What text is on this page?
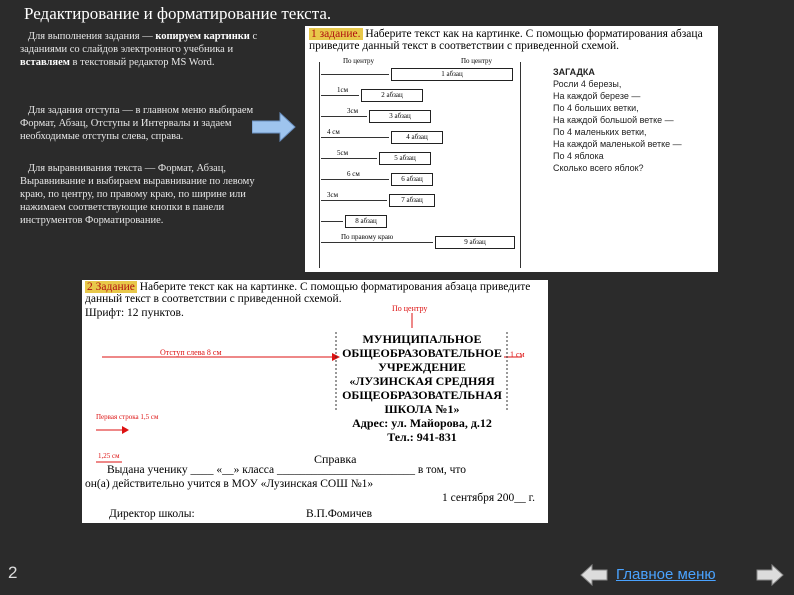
Редактирование и форматирование текста.
Для выполнения задания — копируем картинки с заданиями со слайдов электронного учебника и вставляем в текстовый редактор MS Word.
Для задания отступа — в главном меню выбираем Формат, Абзац, Отступы и Интервалы и задаем необходимые отступы слева, справа.
Для выравнивания текста — Формат, Абзац, Выравнивание и выбираем выравнивание по левому краю, по центру, по правому краю, по ширине или нажимаем соответствующие кнопки в панели инструментов Форматирование.
1 задание. Наберите текст как на картинке. С помощью форматирования абзаца приведите данный текст в соответствии с приведенной схемой.
По центру	По центру
1 абзац
1см
2 абзац
3см
3 абзац
4 см
4 абзац
5см
5 абзац
6 см
6 абзац
3см
7 абзац
8 абзац
По правому краю
9 абзац
ЗАГАДКА
Росли 4 березы,
На каждой березе —
По 4 больших ветки,
На каждой большой ветке —
По 4 маленьких ветки,
На каждой маленькой ветке —
По 4 яблока
Сколько всего яблок?
2 Задание Наберите текст как на картинке. С помощью форматирования абзаца приведите данный текст в соответствии с приведенной схемой.
Шрифт: 12 пунктов.	По центру
Отступ слева 8 см	1 см
Первая строка 1,5 см
1,25 см
МУНИЦИПАЛЬНОЕ
ОБЩЕОБРАЗОВАТЕЛЬНОЕ
УЧРЕЖДЕНИЕ
«ЛУЗИНСКАЯ СРЕДНЯЯ
ОБЩЕОБРАЗОВАТЕЛЬНАЯ
ШКОЛА №1»
Адрес: ул. Майорова, д.12
Тел.: 941-831
Справка
Выдана ученику ____ «__» класса ________________________ в том, что
он(а) действительно учится в МОУ «Лузинская СОШ №1»
1 сентября 200__ г.
Директор школы:	В.П.Фомичев
2	Главное меню
